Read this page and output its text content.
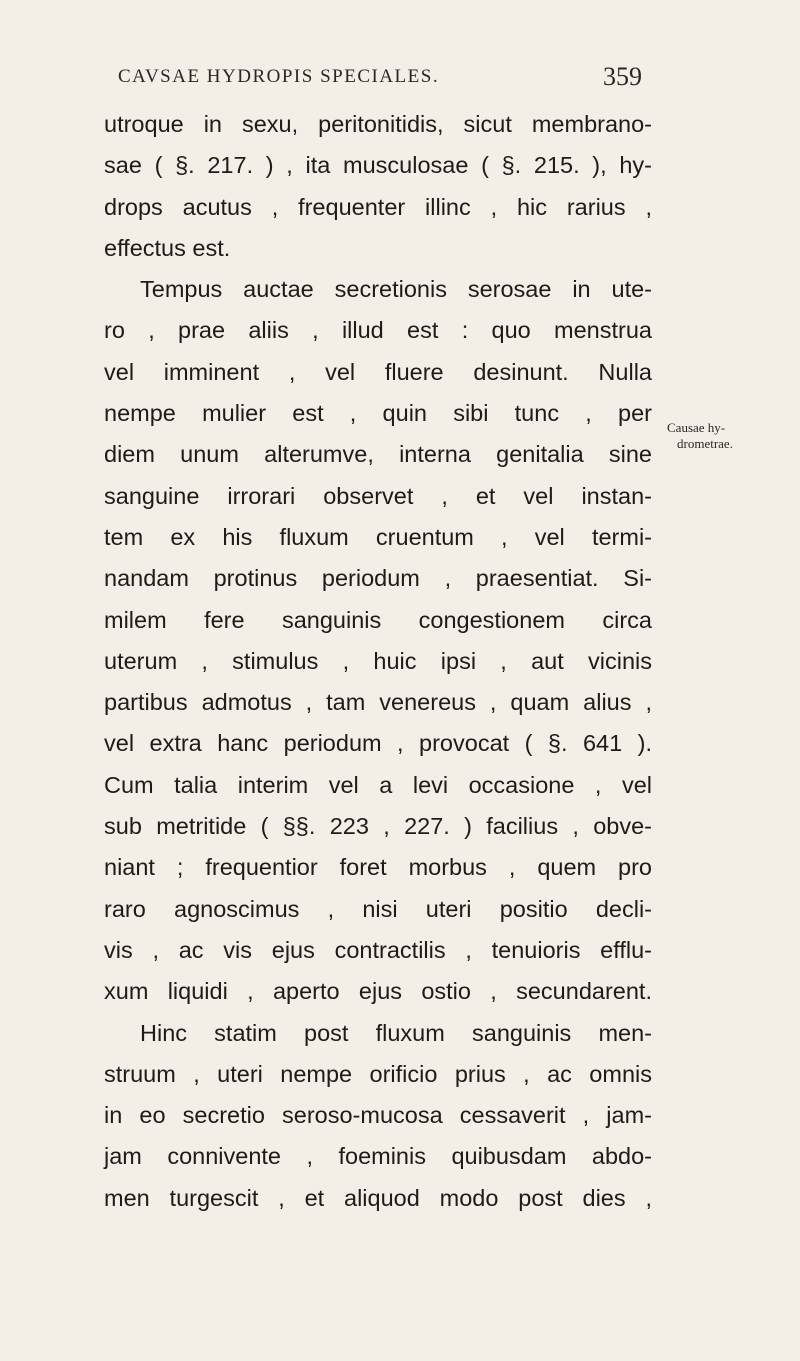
CAVSAE HYDROPIS SPECIALES.	359
Causae hy-
drometrae.
utroque in sexu, peritonitidis, sicut membrano-
sae ( §. 217. ) , ita musculosae ( §. 215. ), hy-
drops acutus , frequenter illinc , hic rarius ,
effectus est.
Tempus auctae secretionis serosae in ute-
ro , prae aliis , illud est : quo menstrua
vel imminent , vel fluere desinunt. Nulla
nempe mulier est , quin sibi tunc , per
diem unum alterumve, interna genitalia sine
sanguine irrorari observet , et vel instan-
tem ex his fluxum cruentum , vel termi-
nandam protinus periodum , praesentiat. Si-
milem fere sanguinis congestionem circa
uterum , stimulus , huic ipsi , aut vicinis
partibus admotus , tam venereus , quam alius ,
vel extra hanc periodum , provocat ( §. 641 ).
Cum talia interim vel a levi occasione , vel
sub metritide ( §§. 223 , 227. ) facilius , obve-
niant ; frequentior foret morbus , quem pro
raro agnoscimus , nisi uteri positio decli-
vis , ac vis ejus contractilis , tenuioris efflu-
xum liquidi , aperto ejus ostio , secundarent.
Hinc statim post fluxum sanguinis men-
struum , uteri nempe orificio prius , ac omnis
in eo secretio seroso-mucosa cessaverit , jam-
jam connivente , foeminis quibusdam abdo-
men turgescit , et aliquod modo post dies ,
